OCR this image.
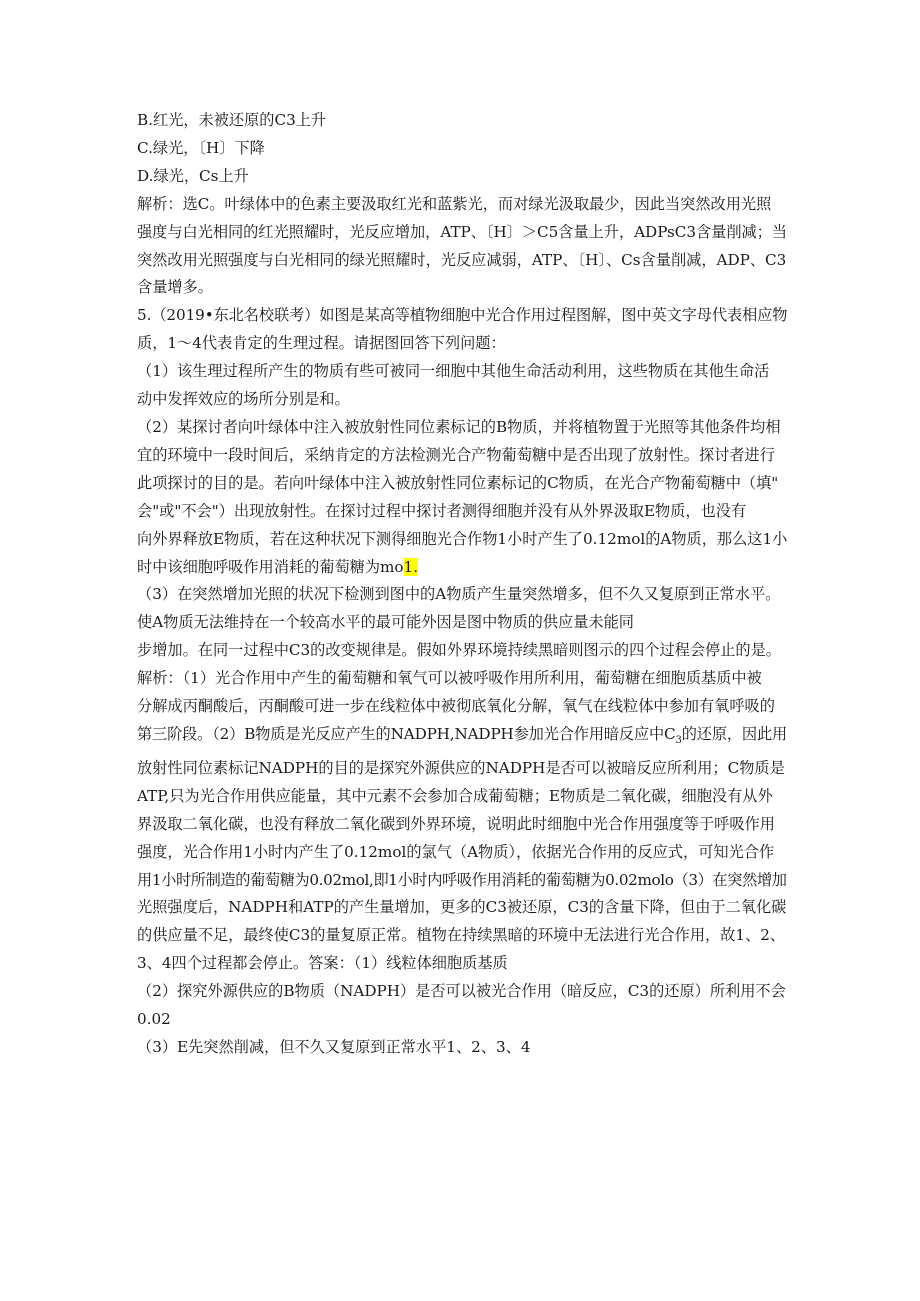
B.红光，未被还原的C3上升

C.绿光，〔H〕下降

D.绿光，Cs上升

解析：选C。叶绿体中的色素主要汲取红光和蓝紫光，而对绿光汲取最少，因此当突然改用光照

强度与白光相同的红光照耀时，光反应增加，ATP、〔H〕＞C5含量上升，ADPsC3含量削减；当

突然改用光照强度与白光相同的绿光照耀时，光反应减弱，ATP、〔H〕、Cs含量削减，ADP、C3

含量增多。

5.（2019•东北名校联考）如图是某高等植物细胞中光合作用过程图解，图中英文字母代表相应物

质，1～4代表肯定的生理过程。请据图回答下列问题：

（1）该生理过程所产生的物质有些可被同一细胞中其他生命活动利用，这些物质在其他生命活

动中发挥效应的场所分别是和。

（2）某探讨者向叶绿体中注入被放射性同位素标记的B物质，并将植物置于光照等其他条件均相

宜的环境中一段时间后，采纳肯定的方法检测光合产物葡萄糖中是否出现了放射性。探讨者进行

此项探讨的目的是。若向叶绿体中注入被放射性同位素标记的C物质，在光合产物葡萄糖中（填"

会"或"不会"）出现放射性。在探讨过程中探讨者测得细胞并没有从外界汲取E物质，也没有

向外界释放E物质，若在这种状况下测得细胞光合作物1小时产生了0.12mol的A物质，那么这1小

时中该细胞呼吸作用消耗的葡萄糖为mo1.

（3）在突然增加光照的状况下检测到图中的A物质产生量突然增多，但不久又复原到正常水平。

使A物质无法维持在一个较高水平的最可能外因是图中物质的供应量未能同

步增加。在同一过程中C3的改变规律是。假如外界环境持续黑暗则图示的四个过程会停止的是。

解析：（1）光合作用中产生的葡萄糖和氧气可以被呼吸作用所利用，葡萄糖在细胞质基质中被

分解成丙酮酸后，丙酮酸可进一步在线粒体中被彻底氧化分解，氧气在线粒体中参加有氧呼吸的

第三阶段。（2）B物质是光反应产生的NADPH,NADPH参加光合作用暗反应中$C_3$的还原，因此用

放射性同位素标记NADPH的目的是探究外源供应的NADPH是否可以被暗反应所利用；C物质是

ATP,只为光合作用供应能量，其中元素不会参加合成葡萄糖；E物质是二氧化碳，细胞没有从外

界汲取二氧化碳，也没有释放二氧化碳到外界环境，说明此时细胞中光合作用强度等于呼吸作用

强度，光合作用1小时内产生了0.12mol的氯气（A物质），依据光合作用的反应式，可知光合作

用1小时所制造的葡萄糖为0.02mol,即1小时内呼吸作用消耗的葡萄糖为0.02molo（3）在突然增加

光照强度后，NADPH和ATP的产生量增加，更多的C3被还原，C3的含量下降，但由于二氧化碳

的供应量不足，最终使C3的量复原正常。植物在持续黑暗的环境中无法进行光合作用，故1、2、

3、4四个过程都会停止。答案：（1）线粒体细胞质基质

（2）探究外源供应的B物质（NADPH）是否可以被光合作用（暗反应，C3的还原）所利用不会

0.02

（3）E先突然削减，但不久又复原到正常水平1、2、3、4
